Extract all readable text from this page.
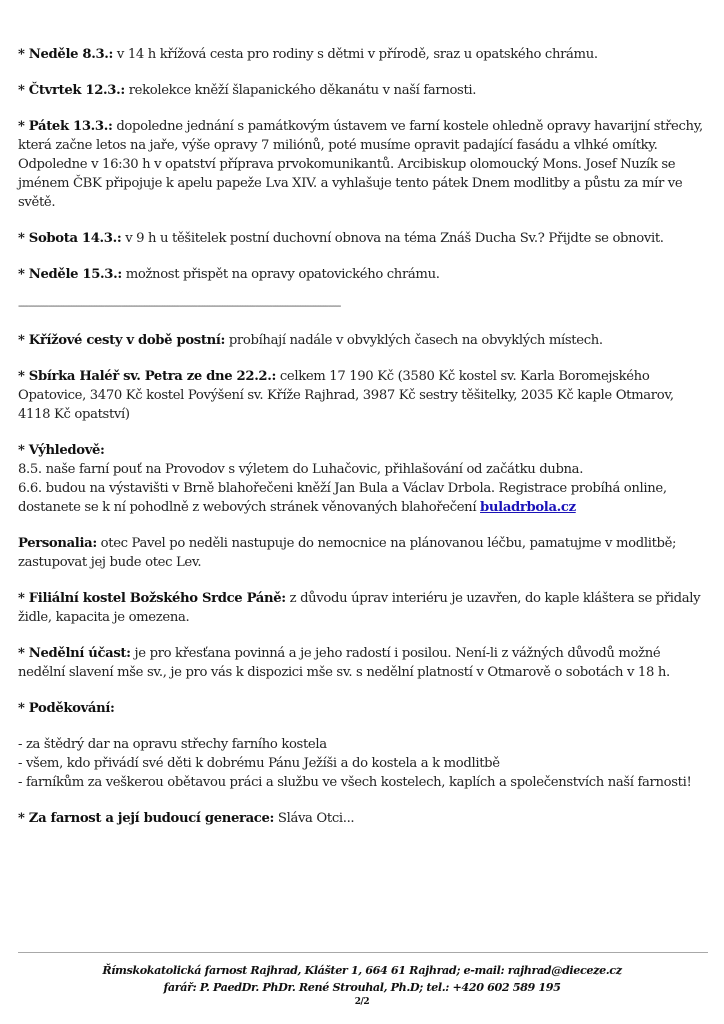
* Neděle 8.3.: v 14 h křížová cesta pro rodiny s dětmi v přírodě, sraz u opatského chrámu.

* Čtvrtek 12.3.: rekolekce kněží šlapanického děkanátu v naší farnosti.

* Pátek 13.3.: dopoledne jednání s památkovým ústavem ve farní kostele ohledně opravy havarijní střechy, která začne letos na jaře, výše opravy 7 miliónů, poté musíme opravit padající fasádu a vlhké omítky. Odpoledne v 16:30 h v opatství příprava prvokomunikantů. Arcibiskup olomoucký Mons. Josef Nuzík se jménem ČBK připojuje k apelu papeže Lva XIV. a vyhlašuje tento pátek Dnem modlitby a půstu za mír ve světě.

* Sobota 14.3.: v 9 h u těšitelek postní duchovní obnova na téma Znáš Ducha Sv.? Přijdte se obnovit.

* Neděle 15.3.: možnost přispět na opravy opatovického chrámu.

--------------------------------------------------------------------------------------------------------------------------------

* Křížové cesty v době postní: probíhají nadále v obvyklých časech na obvyklých místech.

* Sbírka Haléř sv. Petra ze dne 22.2.: celkem 17 190 Kč (3580 Kč kostel sv. Karla Boromejského Opatovice, 3470 Kč kostel Povýšení sv. Kříže Rajhrad, 3987 Kč sestry těšitelky, 2035 Kč kaple Otmarov, 4118 Kč opatství)

* Výhledově:
8.5. naše farní pouť na Provodov s výletem do Luhačovic, přihlašování od začátku dubna.
6.6. budou na výstavišti v Brně blahořečeni kněží Jan Bula a Václav Drbola. Registrace probíhá online, dostanete se k ní pohodlně z webových stránek věnovaných blahořečení buladrbola.cz

Personalia: otec Pavel po neděli nastupuje do nemocnice na plánovanou léčbu, pamatujme v modlitbě; zastupovat jej bude otec Lev.

* Filiální kostel Božského Srdce Páně: z důvodu úprav interiéru je uzavřen, do kaple kláštera se přidaly židle, kapacita je omezena.

* Nedělní účast: je pro křesťana povinná a je jeho radostí i posilou. Není-li z vážných důvodů možné nedělní slavení mše sv., je pro vás k dispozici mše sv. s nedělní platností v Otmarově o sobotách v 18 h.

* Poděkování:

- za štědrý dar na opravu střechy farního kostela
- všem, kdo přivádí své děti k dobrému Pánu Ježíši a do kostela a k modlitbě
- farníkům za veškerou obětavou práci a službu ve všech kostelech, kaplích a společenstvích naší farnosti!

* Za farnost a její budoucí generace: Sláva Otci...

Římskokatolická farnost Rajhrad, Klášter 1, 664 61 Rajhrad; e-mail: rajhrad@dieceze.cz
farář: P. PaedDr. PhDr. René Strouhal, Ph.D; tel.: +420 602 589 195
2/2
